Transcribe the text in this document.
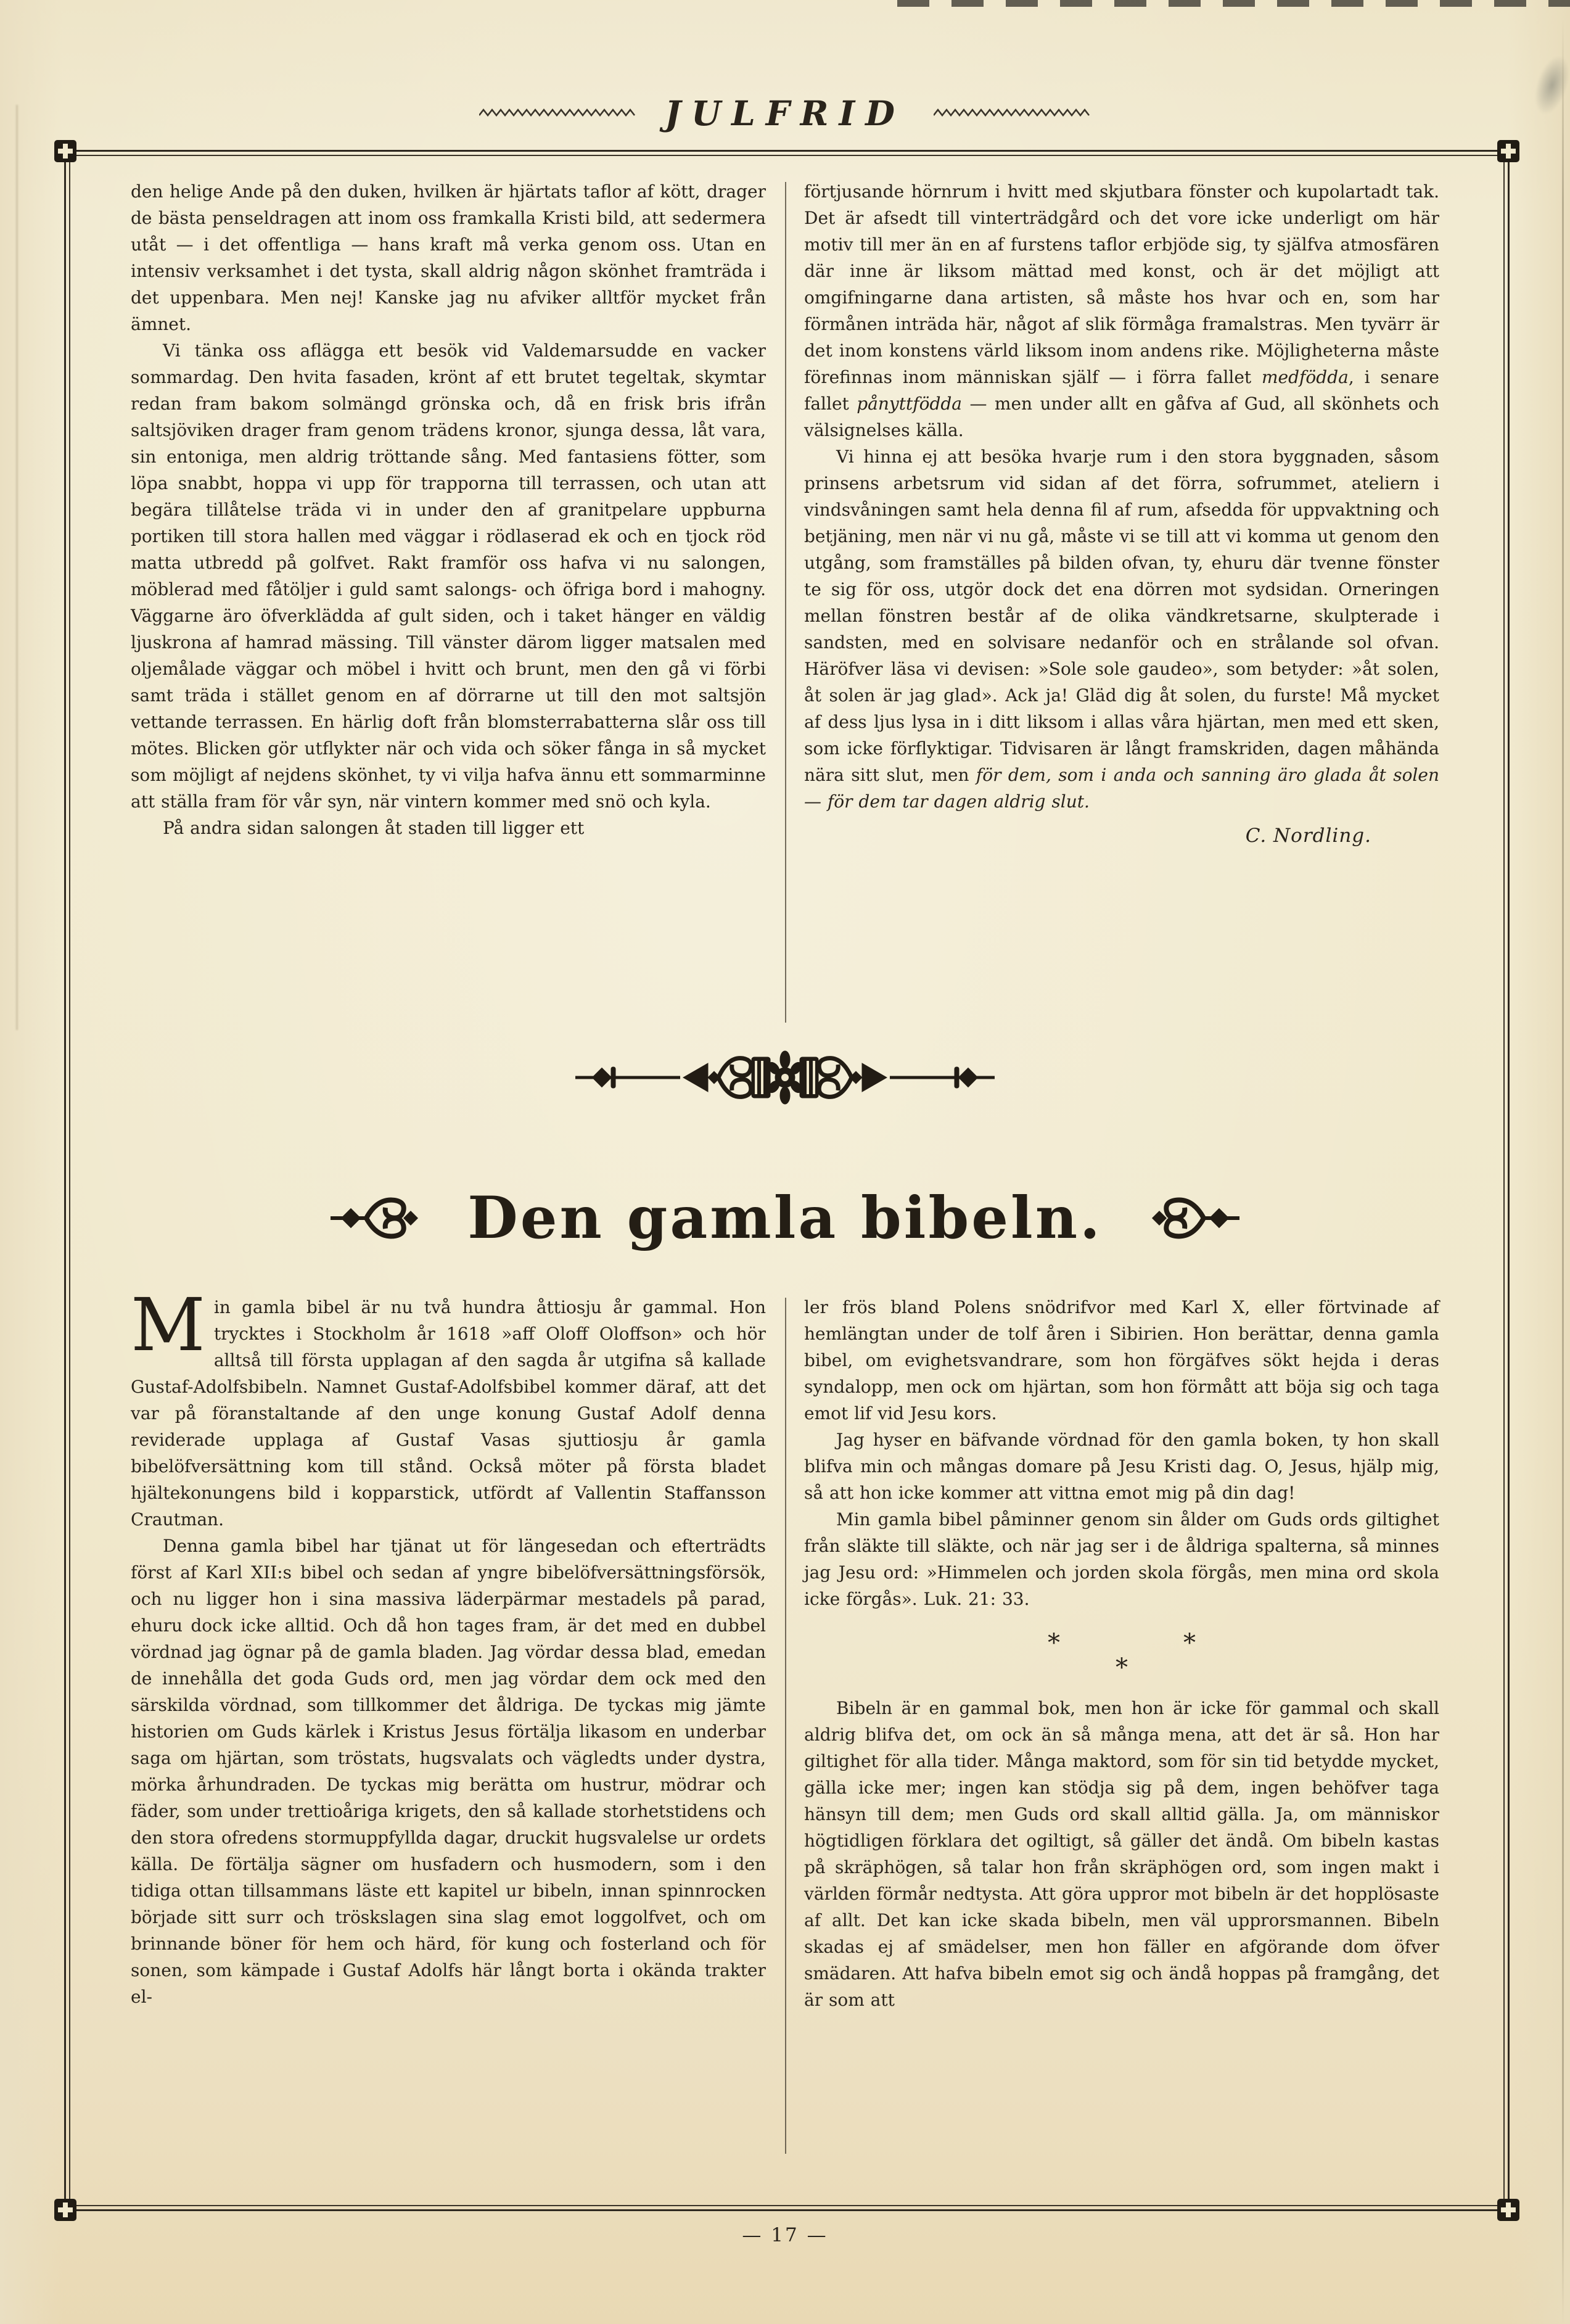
JULFRID

den helige Ande på den duken, hvilken är hjärtats taflor af kött, drager de bästa penseldragen att inom oss framkalla Kristi bild, att sedermera utåt — i det offentliga — hans kraft må verka genom oss. Utan en intensiv verksamhet i det tysta, skall aldrig någon skönhet framträda i det uppenbara. Men nej! Kanske jag nu afviker alltför mycket från ämnet.

Vi tänka oss aflägga ett besök vid Valdemarsudde en vacker sommardag. Den hvita fasaden, krönt af ett brutet tegeltak, skymtar redan fram bakom solmängd grönska och, då en frisk bris ifrån saltsjöviken drager fram genom trädens kronor, sjunga dessa, låt vara, sin entoniga, men aldrig tröttande sång. Med fantasiens fötter, som löpa snabbt, hoppa vi upp för trapporna till terrassen, och utan att begära tillåtelse träda vi in under den af granitpelare uppburna portiken till stora hallen med väggar i rödlaserad ek och en tjock röd matta utbredd på golfvet. Rakt framför oss hafva vi nu salongen, möblerad med fåtöljer i guld samt salongs- och öfriga bord i mahogny. Väggarne äro öfverklädda af gult siden, och i taket hänger en väldig ljuskrona af hamrad mässing. Till vänster därom ligger matsalen med oljemålade väggar och möbel i hvitt och brunt, men den gå vi förbi samt träda i stället genom en af dörrarne ut till den mot saltsjön vettande terrassen. En härlig doft från blomsterrabatterna slår oss till mötes. Blicken gör utflykter när och vida och söker fånga in så mycket som möjligt af nejdens skönhet, ty vi vilja hafva ännu ett sommarminne att ställa fram för vår syn, när vintern kommer med snö och kyla.

På andra sidan salongen åt staden till ligger ett

förtjusande hörnrum i hvitt med skjutbara fönster och kupolartadt tak. Det är afsedt till vinterträdgård och det vore icke underligt om här motiv till mer än en af furstens taflor erbjöde sig, ty själfva atmosfären där inne är liksom mättad med konst, och är det möjligt att omgifningarne dana artisten, så måste hos hvar och en, som har förmånen inträda här, något af slik förmåga framalstras. Men tyvärr är det inom konstens värld liksom inom andens rike. Möjligheterna måste förefinnas inom människan själf — i förra fallet medfödda, i senare fallet pånyttfödda — men under allt en gåfva af Gud, all skönhets och välsignelses källa.

Vi hinna ej att besöka hvarje rum i den stora byggnaden, såsom prinsens arbetsrum vid sidan af det förra, sofrummet, ateliern i vindsvåningen samt hela denna fil af rum, afsedda för uppvaktning och betjäning, men när vi nu gå, måste vi se till att vi komma ut genom den utgång, som framställes på bilden ofvan, ty, ehuru där tvenne fönster te sig för oss, utgör dock det ena dörren mot sydsidan. Orneringen mellan fönstren består af de olika vändkretsarne, skulpterade i sandsten, med en solvisare nedanför och en strålande sol ofvan. Häröfver läsa vi devisen: »Sole sole gaudeo», som betyder: »åt solen, åt solen är jag glad». Ack ja! Gläd dig åt solen, du furste! Må mycket af dess ljus lysa in i ditt liksom i allas våra hjärtan, men med ett sken, som icke förflyktigar. Tidvisaren är långt framskriden, dagen måhända nära sitt slut, men för dem, som i anda och sanning äro glada åt solen — för dem tar dagen aldrig slut.

C. Nordling.

Den gamla bibeln.

Min gamla bibel är nu två hundra åttiosju år gammal. Hon trycktes i Stockholm år 1618 »aff Oloff Oloffson» och hör alltså till första upplagan af den sagda år utgifna så kallade Gustaf-Adolfsbibeln. Namnet Gustaf-Adolfsbibel kommer däraf, att det var på föranstaltande af den unge konung Gustaf Adolf denna reviderade upplaga af Gustaf Vasas sjuttiosju år gamla bibelöfversättning kom till stånd. Också möter på första bladet hjältekonungens bild i kopparstick, utfördt af Vallentin Staffansson Crautman.

Denna gamla bibel har tjänat ut för längesedan och efterträdts först af Karl XII:s bibel och sedan af yngre bibelöfversättningsförsök, och nu ligger hon i sina massiva läderpärmar mestadels på parad, ehuru dock icke alltid. Och då hon tages fram, är det med en dubbel vördnad jag ögnar på de gamla bladen. Jag vördar dessa blad, emedan de innehålla det goda Guds ord, men jag vördar dem ock med den särskilda vördnad, som tillkommer det åldriga. De tyckas mig jämte historien om Guds kärlek i Kristus Jesus förtälja likasom en underbar saga om hjärtan, som tröstats, hugsvalats och vägledts under dystra, mörka århundraden. De tyckas mig berätta om hustrur, mödrar och fäder, som under trettioåriga krigets, den så kallade storhetstidens och den stora ofredens stormuppfyllda dagar, druckit hugsvalelse ur ordets källa. De förtälja sägner om husfadern och husmodern, som i den tidiga ottan tillsammans läste ett kapitel ur bibeln, innan spinnrocken började sitt surr och tröskslagen sina slag emot loggolfvet, och om brinnande böner för hem och härd, för kung och fosterland och för sonen, som kämpade i Gustaf Adolfs här långt borta i okända trakter el-

ler frös bland Polens snödrifvor med Karl X, eller förtvinade af hemlängtan under de tolf åren i Sibirien. Hon berättar, denna gamla bibel, om evighetsvandrare, som hon förgäfves sökt hejda i deras syndalopp, men ock om hjärtan, som hon förmått att böja sig och taga emot lif vid Jesu kors.

Jag hyser en bäfvande vördnad för den gamla boken, ty hon skall blifva min och mångas domare på Jesu Kristi dag. O, Jesus, hjälp mig, så att hon icke kommer att vittna emot mig på din dag!

Min gamla bibel påminner genom sin ålder om Guds ords giltighet från släkte till släkte, och när jag ser i de åldriga spalterna, så minnes jag Jesu ord: »Himmelen och jorden skola förgås, men mina ord skola icke förgås». Luk. 21: 33.

*	*
*

Bibeln är en gammal bok, men hon är icke för gammal och skall aldrig blifva det, om ock än så många mena, att det är så. Hon har giltighet för alla tider. Många maktord, som för sin tid betydde mycket, gälla icke mer; ingen kan stödja sig på dem, ingen behöfver taga hänsyn till dem; men Guds ord skall alltid gälla. Ja, om människor högtidligen förklara det ogiltigt, så gäller det ändå. Om bibeln kastas på skräphögen, så talar hon från skräphögen ord, som ingen makt i världen förmår nedtysta. Att göra uppror mot bibeln är det hopplösaste af allt. Det kan icke skada bibeln, men väl upprorsmannen. Bibeln skadas ej af smädelser, men hon fäller en afgörande dom öfver smädaren. Att hafva bibeln emot sig och ändå hoppas på framgång, det är som att

— 17 —
